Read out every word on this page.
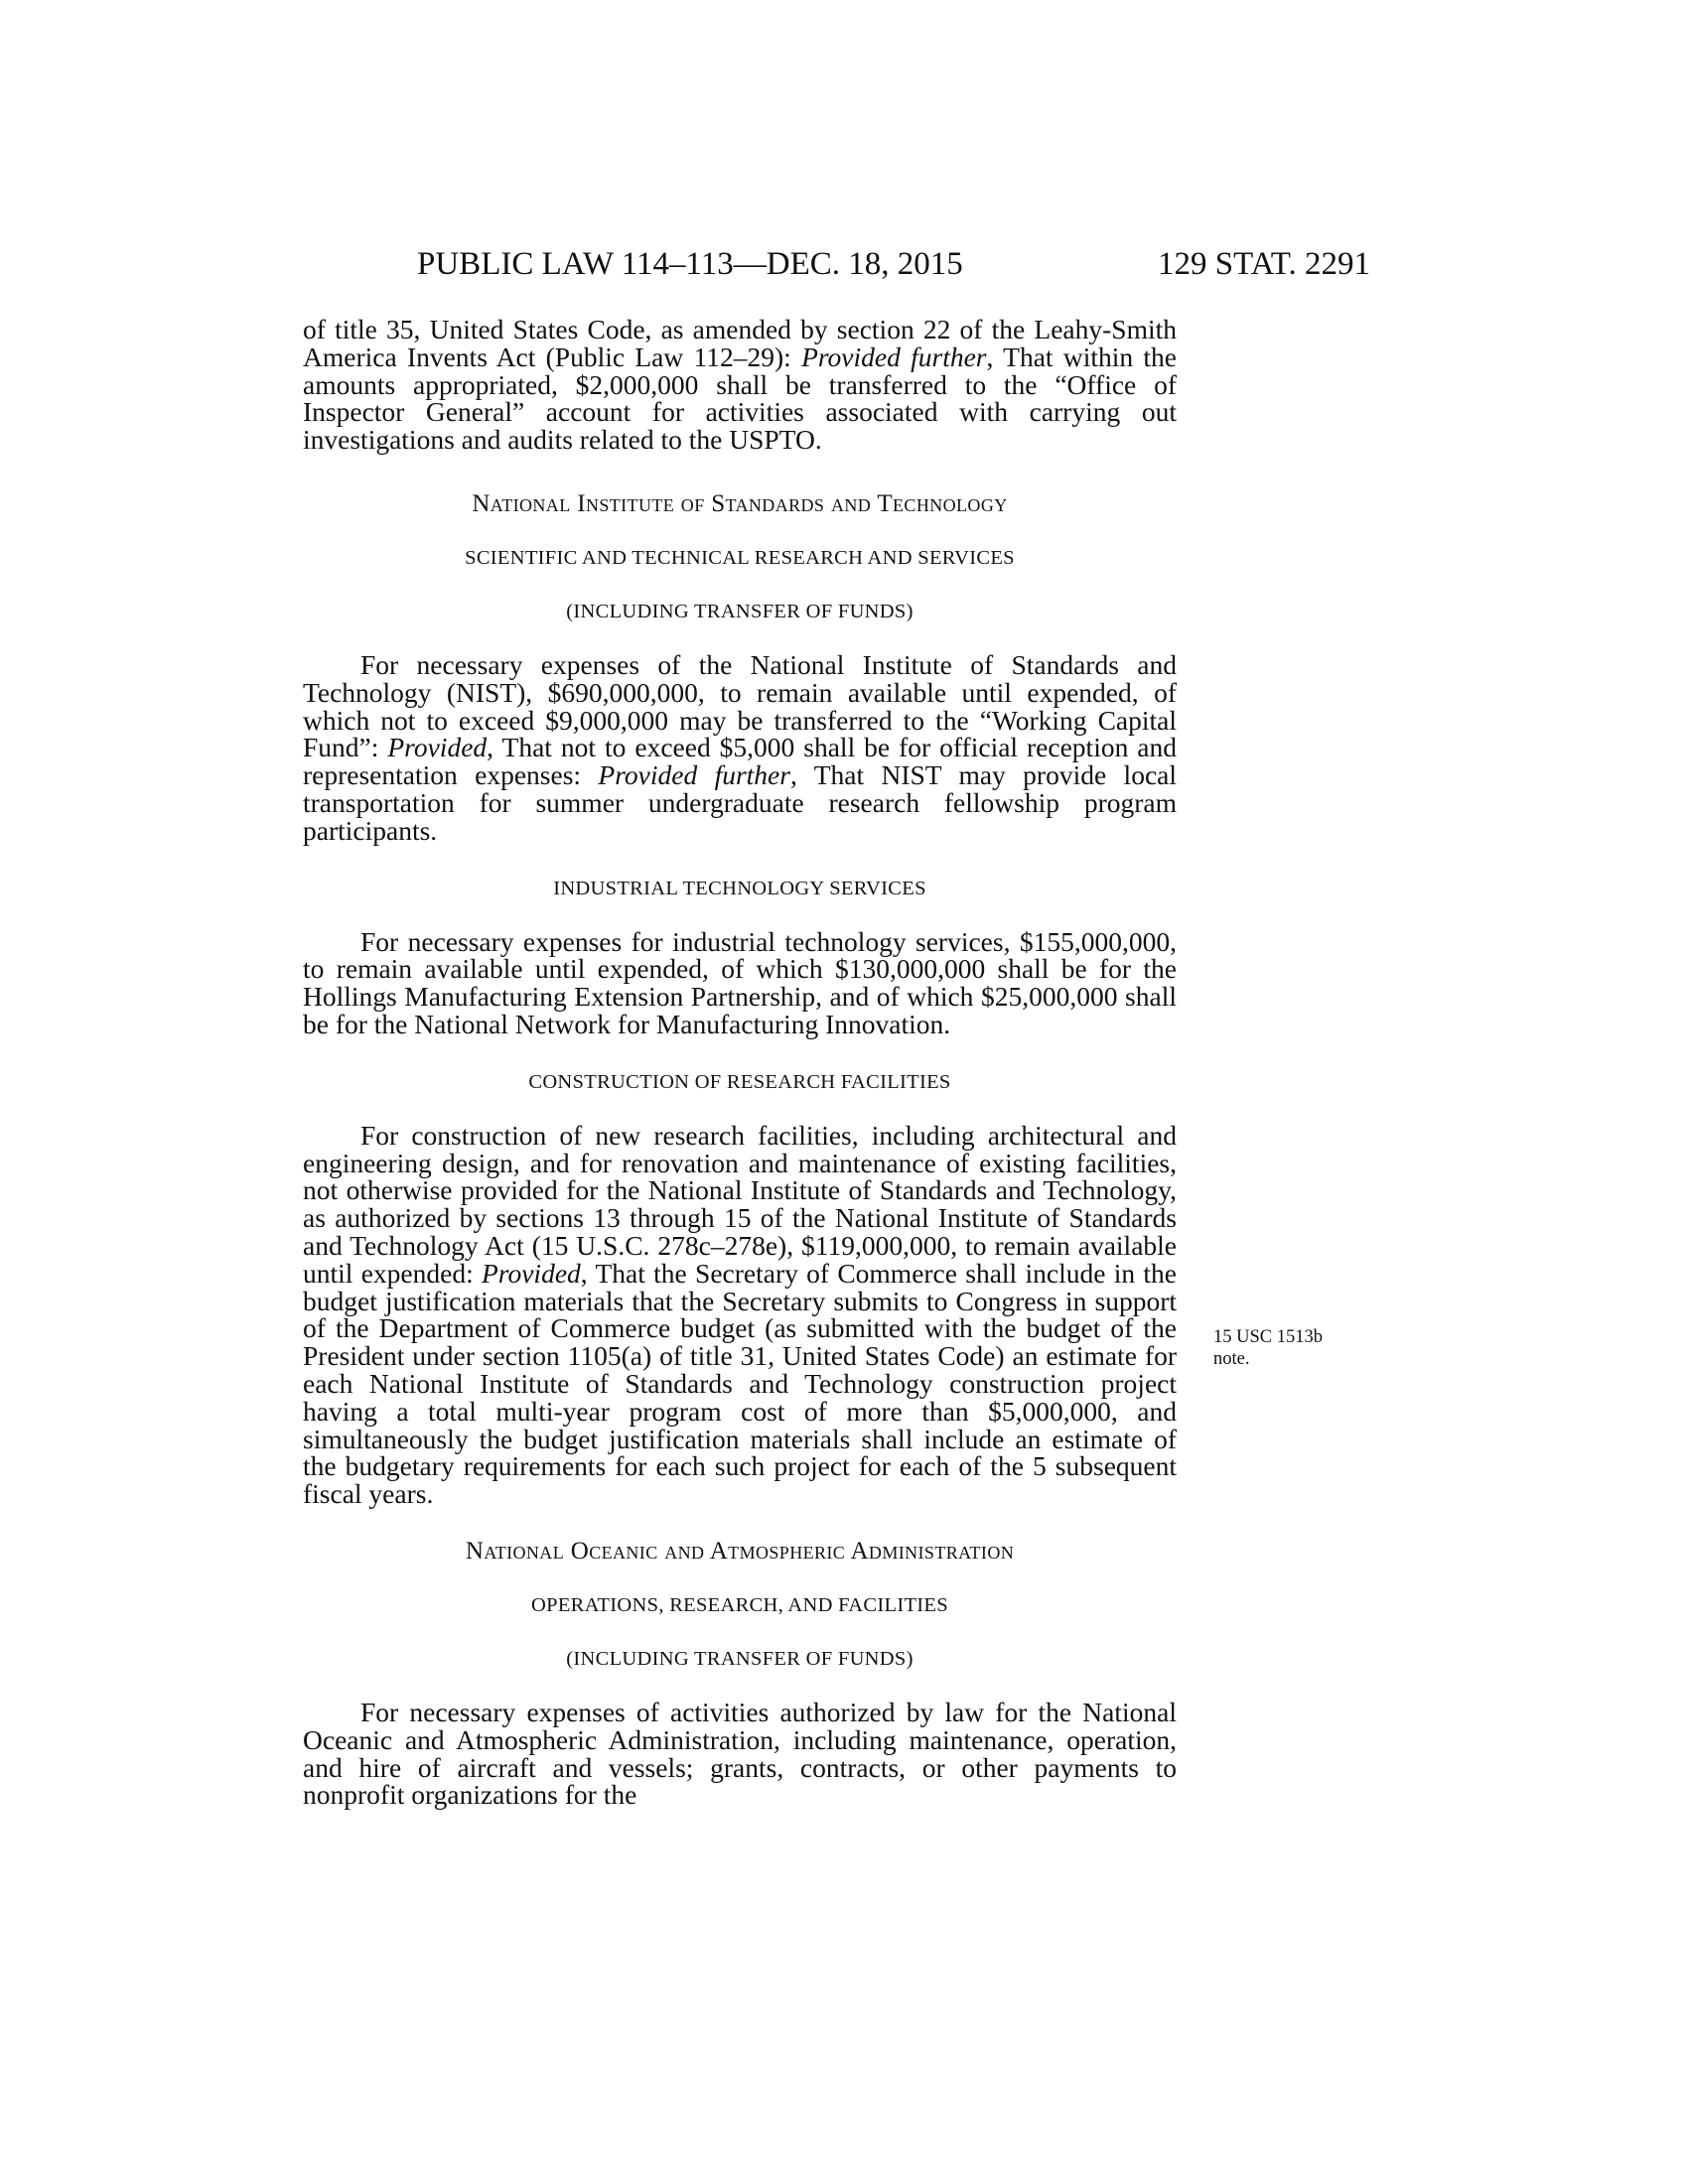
PUBLIC LAW 114–113—DEC. 18, 2015	129 STAT. 2291

of title 35, United States Code, as amended by section 22 of the Leahy-Smith America Invents Act (Public Law 112–29): Provided further, That within the amounts appropriated, $2,000,000 shall be transferred to the “Office of Inspector General” account for activities associated with carrying out investigations and audits related to the USPTO.

National Institute of Standards and Technology
SCIENTIFIC AND TECHNICAL RESEARCH AND SERVICES
(INCLUDING TRANSFER OF FUNDS)

For necessary expenses of the National Institute of Standards and Technology (NIST), $690,000,000, to remain available until expended, of which not to exceed $9,000,000 may be transferred to the “Working Capital Fund”: Provided, That not to exceed $5,000 shall be for official reception and representation expenses: Provided further, That NIST may provide local transportation for summer undergraduate research fellowship program participants.

INDUSTRIAL TECHNOLOGY SERVICES

For necessary expenses for industrial technology services, $155,000,000, to remain available until expended, of which $130,000,000 shall be for the Hollings Manufacturing Extension Partnership, and of which $25,000,000 shall be for the National Network for Manufacturing Innovation.

CONSTRUCTION OF RESEARCH FACILITIES

For construction of new research facilities, including architectural and engineering design, and for renovation and maintenance of existing facilities, not otherwise provided for the National Institute of Standards and Technology, as authorized by sections 13 through 15 of the National Institute of Standards and Technology Act (15 U.S.C. 278c–278e), $119,000,000, to remain available until expended: Provided, That the Secretary of Commerce shall include in the budget justification materials that the Secretary submits to Congress in support of the Department of Commerce budget (as submitted with the budget of the President under section 1105(a) of title 31, United States Code) an estimate for each National Institute of Standards and Technology construction project having a total multi-year program cost of more than $5,000,000, and simultaneously the budget justification materials shall include an estimate of the budgetary requirements for each such project for each of the 5 subsequent fiscal years.

National Oceanic and Atmospheric Administration
OPERATIONS, RESEARCH, AND FACILITIES
(INCLUDING TRANSFER OF FUNDS)

For necessary expenses of activities authorized by law for the National Oceanic and Atmospheric Administration, including maintenance, operation, and hire of aircraft and vessels; grants, contracts, or other payments to nonprofit organizations for the

15 USC 1513b
note.
